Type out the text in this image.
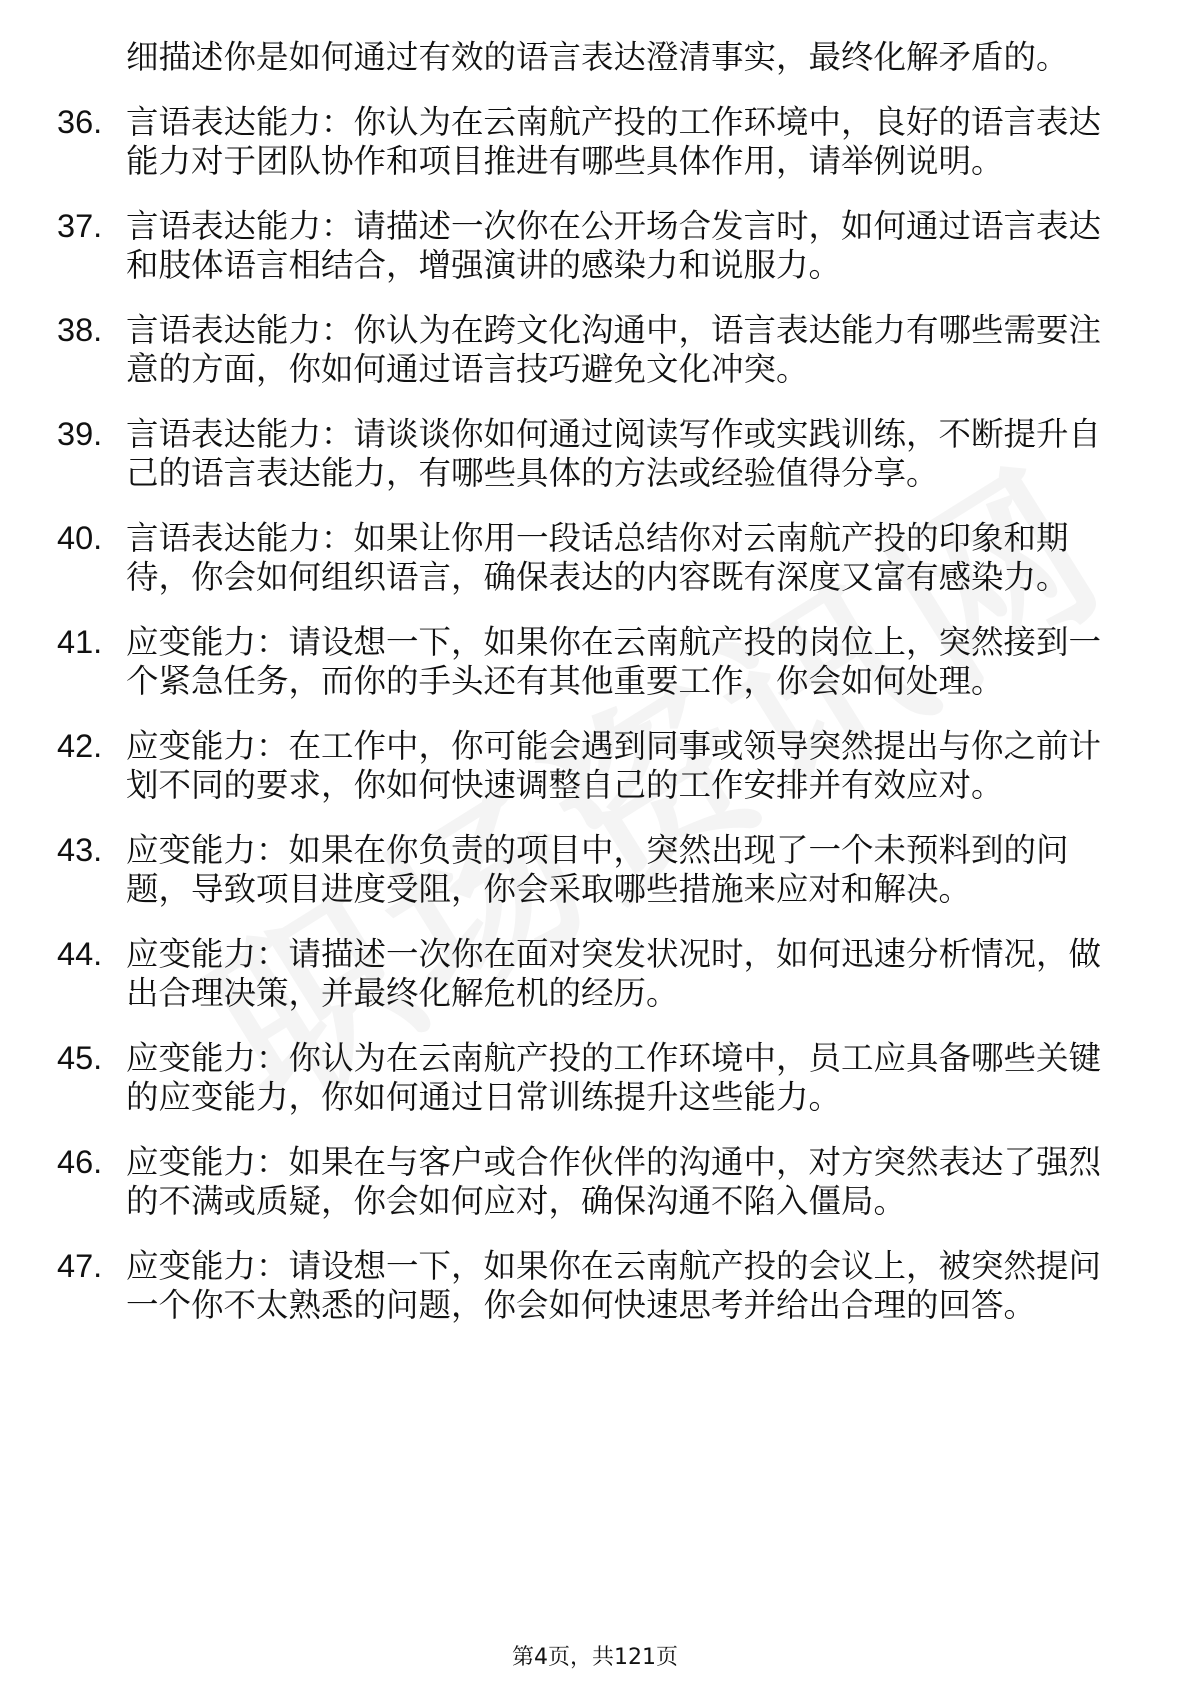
细描述你是如何通过有效的语言表达澄清事实，最终化解矛盾的。
36. 言语表达能力：你认为在云南航产投的工作环境中，良好的语言表达能力对于团队协作和项目推进有哪些具体作用，请举例说明。
37. 言语表达能力：请描述一次你在公开场合发言时，如何通过语言表达和肢体语言相结合，增强演讲的感染力和说服力。
38. 言语表达能力：你认为在跨文化沟通中，语言表达能力有哪些需要注意的方面，你如何通过语言技巧避免文化冲突。
39. 言语表达能力：请谈谈你如何通过阅读写作或实践训练，不断提升自己的语言表达能力，有哪些具体的方法或经验值得分享。
40. 言语表达能力：如果让你用一段话总结你对云南航产投的印象和期待，你会如何组织语言，确保表达的内容既有深度又富有感染力。
41. 应变能力：请设想一下，如果你在云南航产投的岗位上，突然接到一个紧急任务，而你的手头还有其他重要工作，你会如何处理。
42. 应变能力：在工作中，你可能会遇到同事或领导突然提出与你之前计划不同的要求，你如何快速调整自己的工作安排并有效应对。
43. 应变能力：如果在你负责的项目中，突然出现了一个未预料到的问题，导致项目进度受阻，你会采取哪些措施来应对和解决。
44. 应变能力：请描述一次你在面对突发状况时，如何迅速分析情况，做出合理决策，并最终化解危机的经历。
45. 应变能力：你认为在云南航产投的工作环境中，员工应具备哪些关键的应变能力，你如何通过日常训练提升这些能力。
46. 应变能力：如果在与客户或合作伙伴的沟通中，对方突然表达了强烈的不满或质疑，你会如何应对，确保沟通不陷入僵局。
47. 应变能力：请设想一下，如果你在云南航产投的会议上，被突然提问一个你不太熟悉的问题，你会如何快速思考并给出合理的回答。
第4页，共121页
